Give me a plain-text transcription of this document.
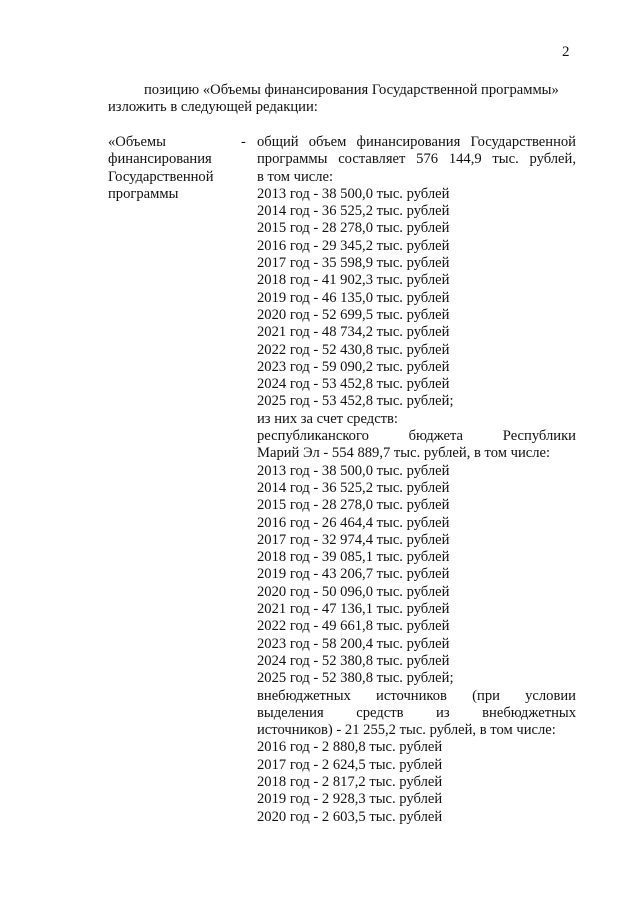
2
позицию «Объемы финансирования Государственной программы»
изложить в следующей редакции:
«Объемы
финансирования
Государственной
программы
- общий объем финансирования Государственной
программы составляет 576 144,9 тыс. рублей,
в том числе:
2013 год - 38 500,0 тыс. рублей
2014 год - 36 525,2 тыс. рублей
2015 год - 28 278,0 тыс. рублей
2016 год - 29 345,2 тыс. рублей
2017 год - 35 598,9 тыс. рублей
2018 год - 41 902,3 тыс. рублей
2019 год - 46 135,0 тыс. рублей
2020 год - 52 699,5 тыс. рублей
2021 год - 48 734,2 тыс. рублей
2022 год - 52 430,8 тыс. рублей
2023 год - 59 090,2 тыс. рублей
2024 год - 53 452,8 тыс. рублей
2025 год - 53 452,8 тыс. рублей;
из них за счет средств:
республиканского бюджета Республики
Марий Эл - 554 889,7 тыс. рублей, в том числе:
2013 год - 38 500,0 тыс. рублей
2014 год - 36 525,2 тыс. рублей
2015 год - 28 278,0 тыс. рублей
2016 год - 26 464,4 тыс. рублей
2017 год - 32 974,4 тыс. рублей
2018 год - 39 085,1 тыс. рублей
2019 год - 43 206,7 тыс. рублей
2020 год - 50 096,0 тыс. рублей
2021 год - 47 136,1 тыс. рублей
2022 год - 49 661,8 тыс. рублей
2023 год - 58 200,4 тыс. рублей
2024 год - 52 380,8 тыс. рублей
2025 год - 52 380,8 тыс. рублей;
внебюджетных источников (при условии
выделения средств из внебюджетных
источников) - 21 255,2 тыс. рублей, в том числе:
2016 год - 2 880,8 тыс. рублей
2017 год - 2 624,5 тыс. рублей
2018 год - 2 817,2 тыс. рублей
2019 год - 2 928,3 тыс. рублей
2020 год - 2 603,5 тыс. рублей
